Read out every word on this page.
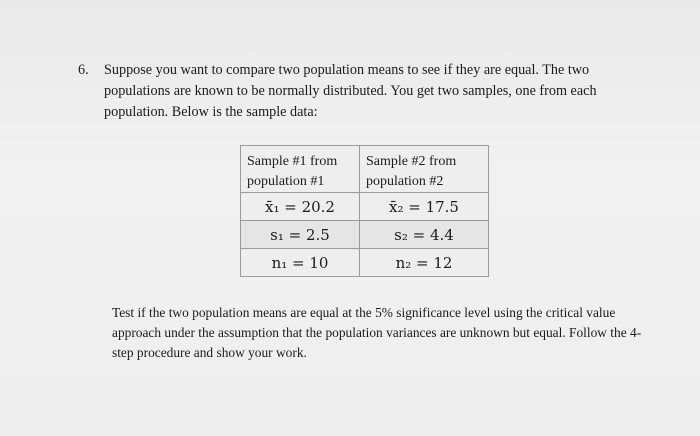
6. Suppose you want to compare two population means to see if they are equal. The two populations are known to be normally distributed. You get two samples, one from each population. Below is the sample data:
Sample #1 from population #1	Sample #2 from population #2

x̄₁ = 20.2	x̄₂ = 17.5
s₁ = 2.5	s₂ = 4.4
n₁ = 10	n₂ = 12
Test if the two population means are equal at the 5% significance level using the critical value approach under the assumption that the population variances are unknown but equal. Follow the 4-step procedure and show your work.
